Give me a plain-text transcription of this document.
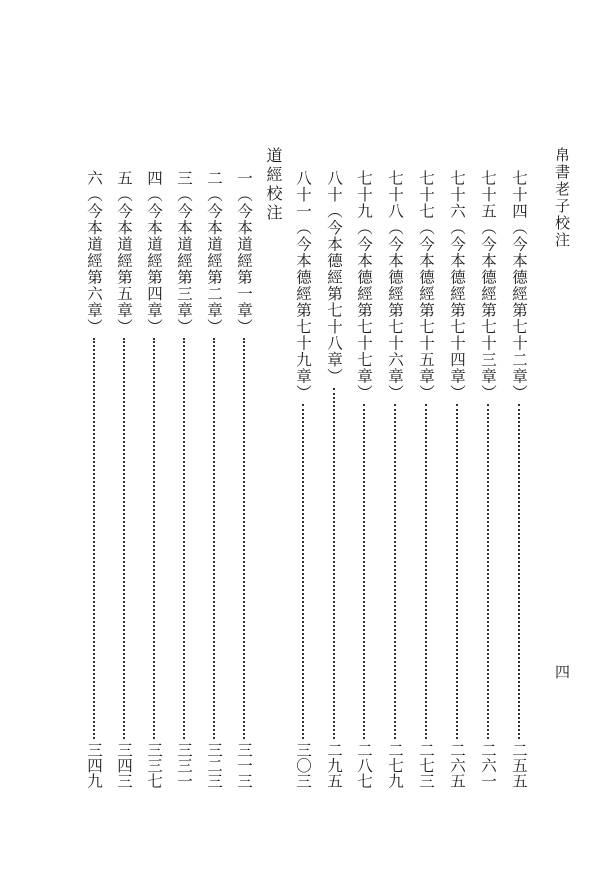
帛書老子校注
四
七十四（今本德經第七十二章）
二五五
七十五（今本德經第七十三章）
二六一
七十六（今本德經第七十四章）
二六五
七十七（今本德經第七十五章）
二七三
七十八（今本德經第七十六章）
二七九
七十九（今本德經第七十七章）
二八七
八十（今本德經第七十八章）
二九五
八十一（今本德經第七十九章）
三〇三
道經校注
一（今本道經第一章）
三一三
二（今本道經第二章）
三二三
三（今本道經第三章）
三三一
四（今本道經第四章）
三三七
五（今本道經第五章）
三四三
六（今本道經第六章）
三四九
